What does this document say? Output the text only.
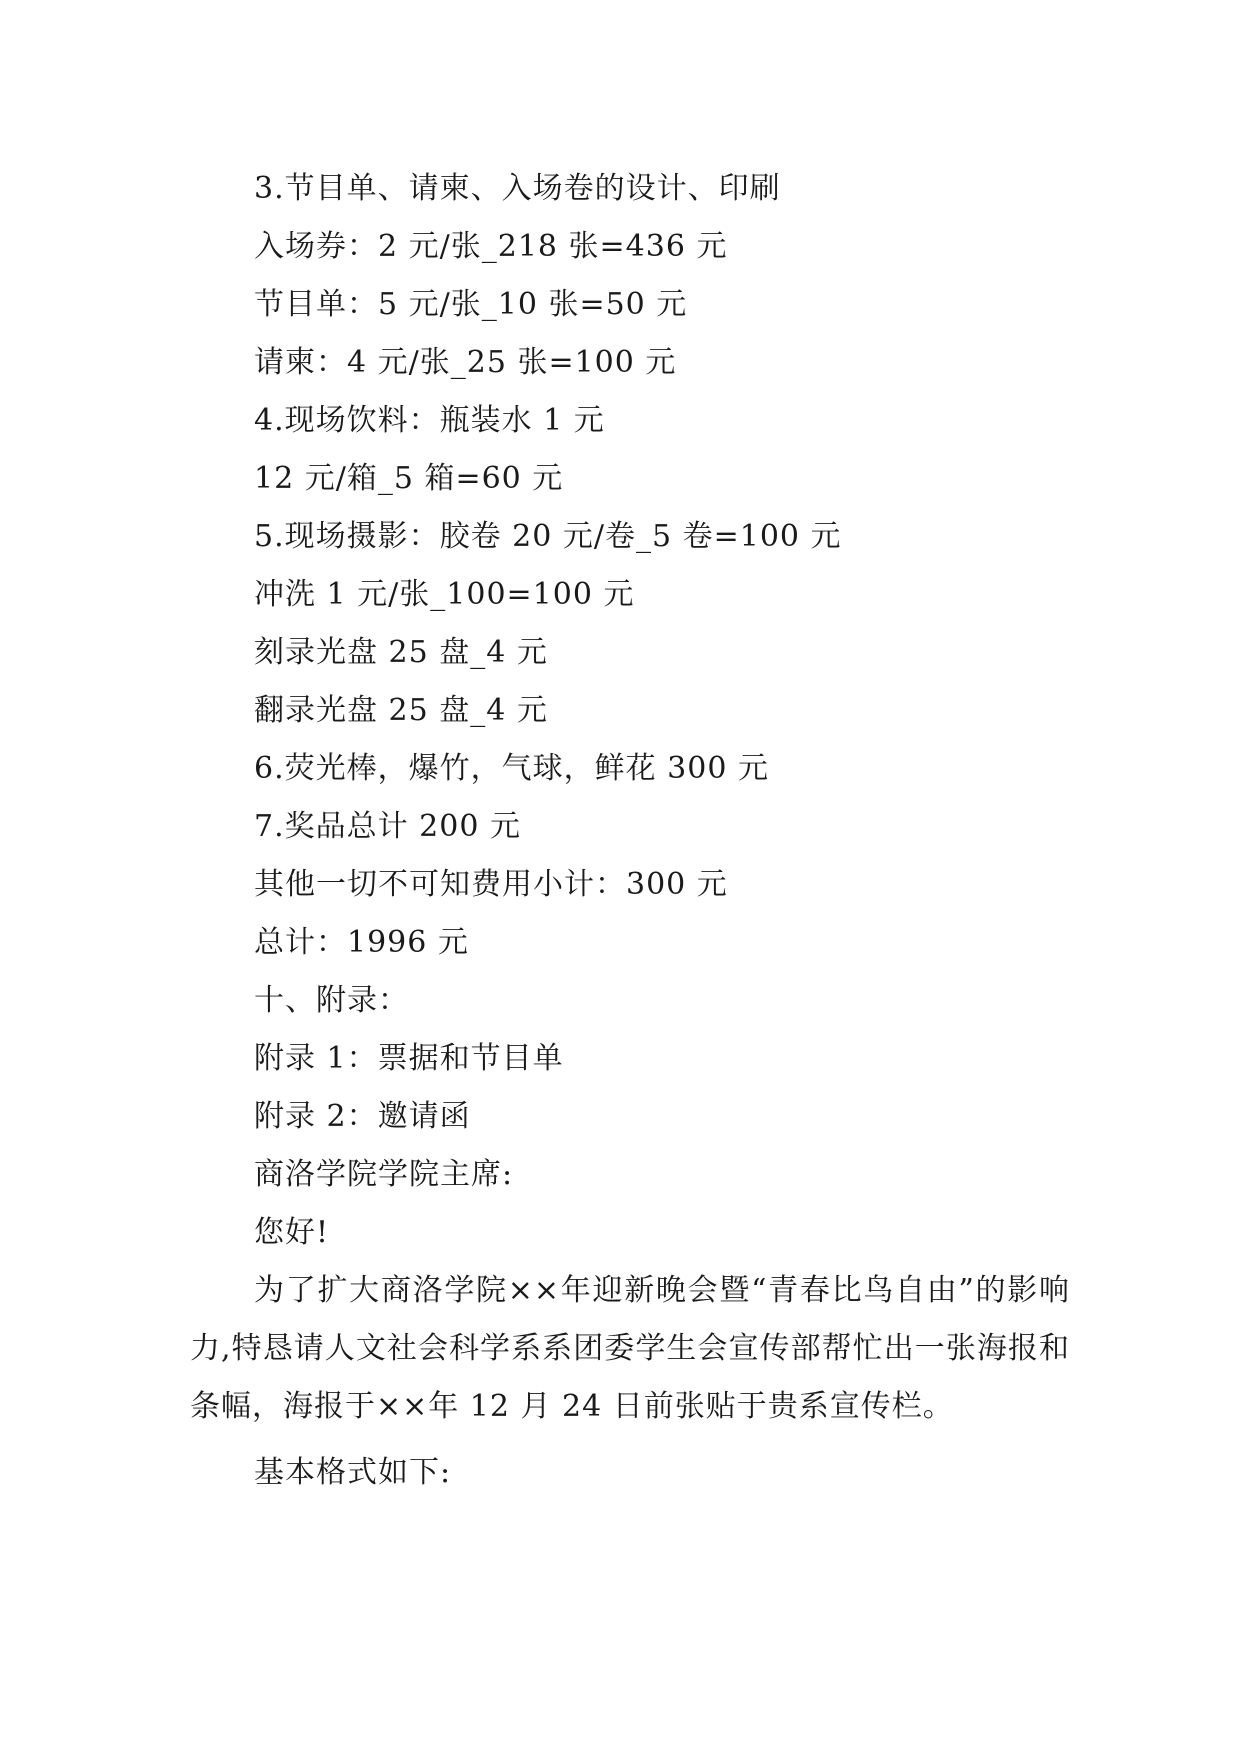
3.节目单、请柬、入场卷的设计、印刷
入场券：2 元/张_218 张=436 元
节目单：5 元/张_10 张=50 元
请柬：4 元/张_25 张=100 元
4.现场饮料：瓶装水 1 元
12 元/箱_5 箱=60 元
5.现场摄影：胶卷 20 元/卷_5 卷=100 元
冲洗 1 元/张_100=100 元
刻录光盘 25 盘_4 元
翻录光盘 25 盘_4 元
6.荧光棒，爆竹，气球，鲜花 300 元
7.奖品总计 200 元
其他一切不可知费用小计：300 元
总计：1996 元
十、附录：
附录 1：票据和节目单
附录 2：邀请函
商洛学院学院主席:
您好!

为了扩大商洛学院××年迎新晚会暨“青春比鸟自由”的影响力,特恳请人文社会科学系系团委学生会宣传部帮忙出一张海报和条幅，海报于××年 12 月 24 日前张贴于贵系宣传栏。

基本格式如下:
